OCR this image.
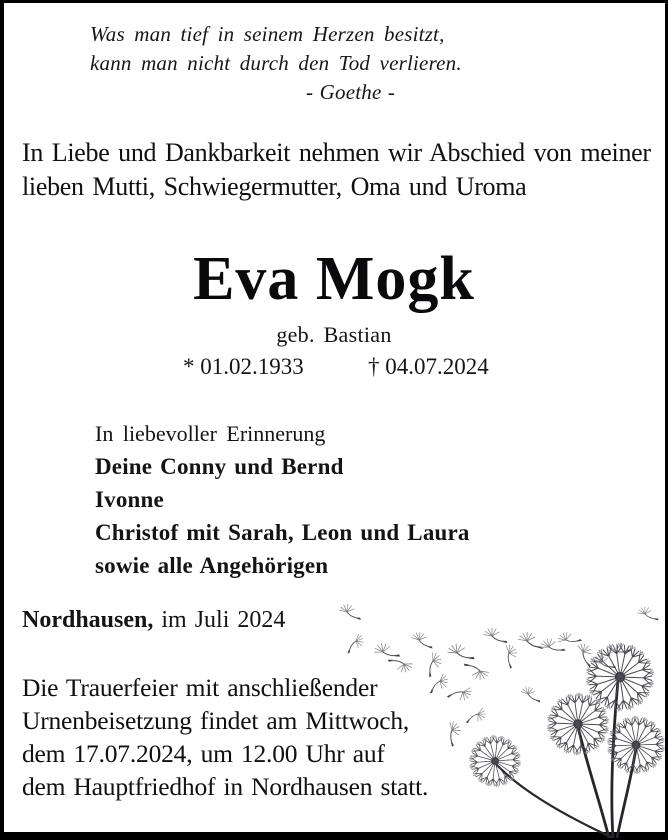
Was man tief in seinem Herzen besitzt,
kann man nicht durch den Tod verlieren.
- Goethe -
In Liebe und Dankbarkeit nehmen wir Abschied von meiner
lieben Mutti, Schwiegermutter, Oma und Uroma
Eva Mogk
geb. Bastian
* 01.02.1933	† 04.07.2024
In liebevoller Erinnerung
Deine Conny und Bernd
Ivonne
Christof mit Sarah, Leon und Laura
sowie alle Angehörigen
Nordhausen, im Juli 2024
Die Trauerfeier mit anschließender
Urnenbeisetzung findet am Mittwoch,
dem 17.07.2024, um 12.00 Uhr auf
dem Hauptfriedhof in Nordhausen statt.
